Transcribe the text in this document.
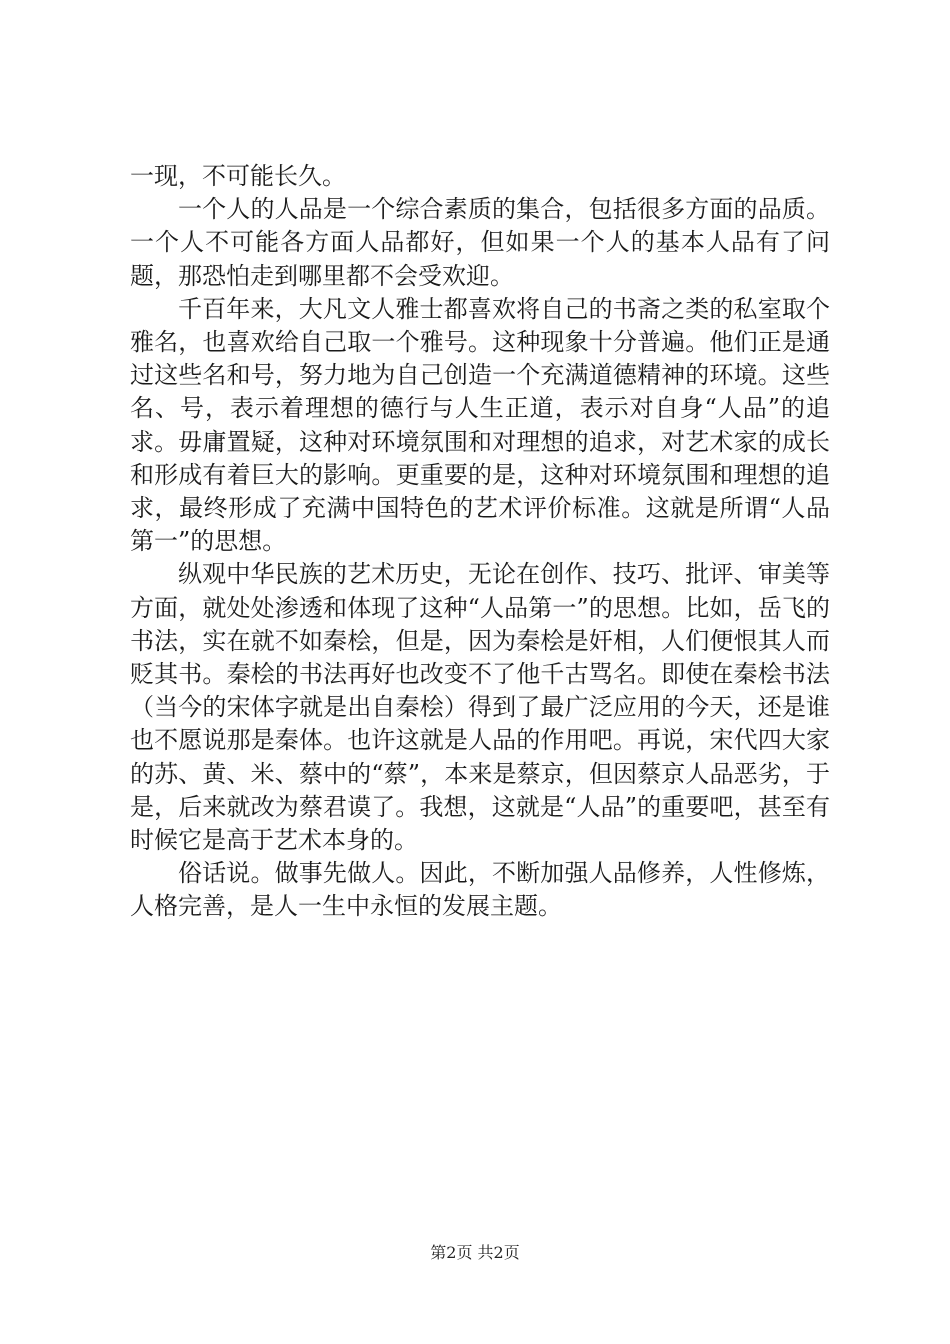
一现，不可能长久。

一个人的人品是一个综合素质的集合，包括很多方面的品质。一个人不可能各方面人品都好，但如果一个人的基本人品有了问题，那恐怕走到哪里都不会受欢迎。

千百年来，大凡文人雅士都喜欢将自己的书斋之类的私室取个雅名，也喜欢给自己取一个雅号。这种现象十分普遍。他们正是通过这些名和号，努力地为自己创造一个充满道德精神的环境。这些名、号，表示着理想的德行与人生正道，表示对自身“人品”的追求。毋庸置疑，这种对环境氛围和对理想的追求，对艺术家的成长和形成有着巨大的影响。更重要的是，这种对环境氛围和理想的追求，最终形成了充满中国特色的艺术评价标准。这就是所谓“人品第一”的思想。

纵观中华民族的艺术历史，无论在创作、技巧、批评、审美等方面，就处处渗透和体现了这种“人品第一”的思想。比如，岳飞的书法，实在就不如秦桧，但是，因为秦桧是奸相，人们便恨其人而贬其书。秦桧的书法再好也改变不了他千古骂名。即使在秦桧书法（当今的宋体字就是出自秦桧）得到了最广泛应用的今天，还是谁也不愿说那是秦体。也许这就是人品的作用吧。再说，宋代四大家的苏、黄、米、蔡中的“蔡”，本来是蔡京，但因蔡京人品恶劣，于是，后来就改为蔡君谟了。我想，这就是“人品”的重要吧，甚至有时候它是高于艺术本身的。

俗话说。做事先做人。因此，不断加强人品修养，人性修炼，人格完善，是人一生中永恒的发展主题。

第2页 共2页
